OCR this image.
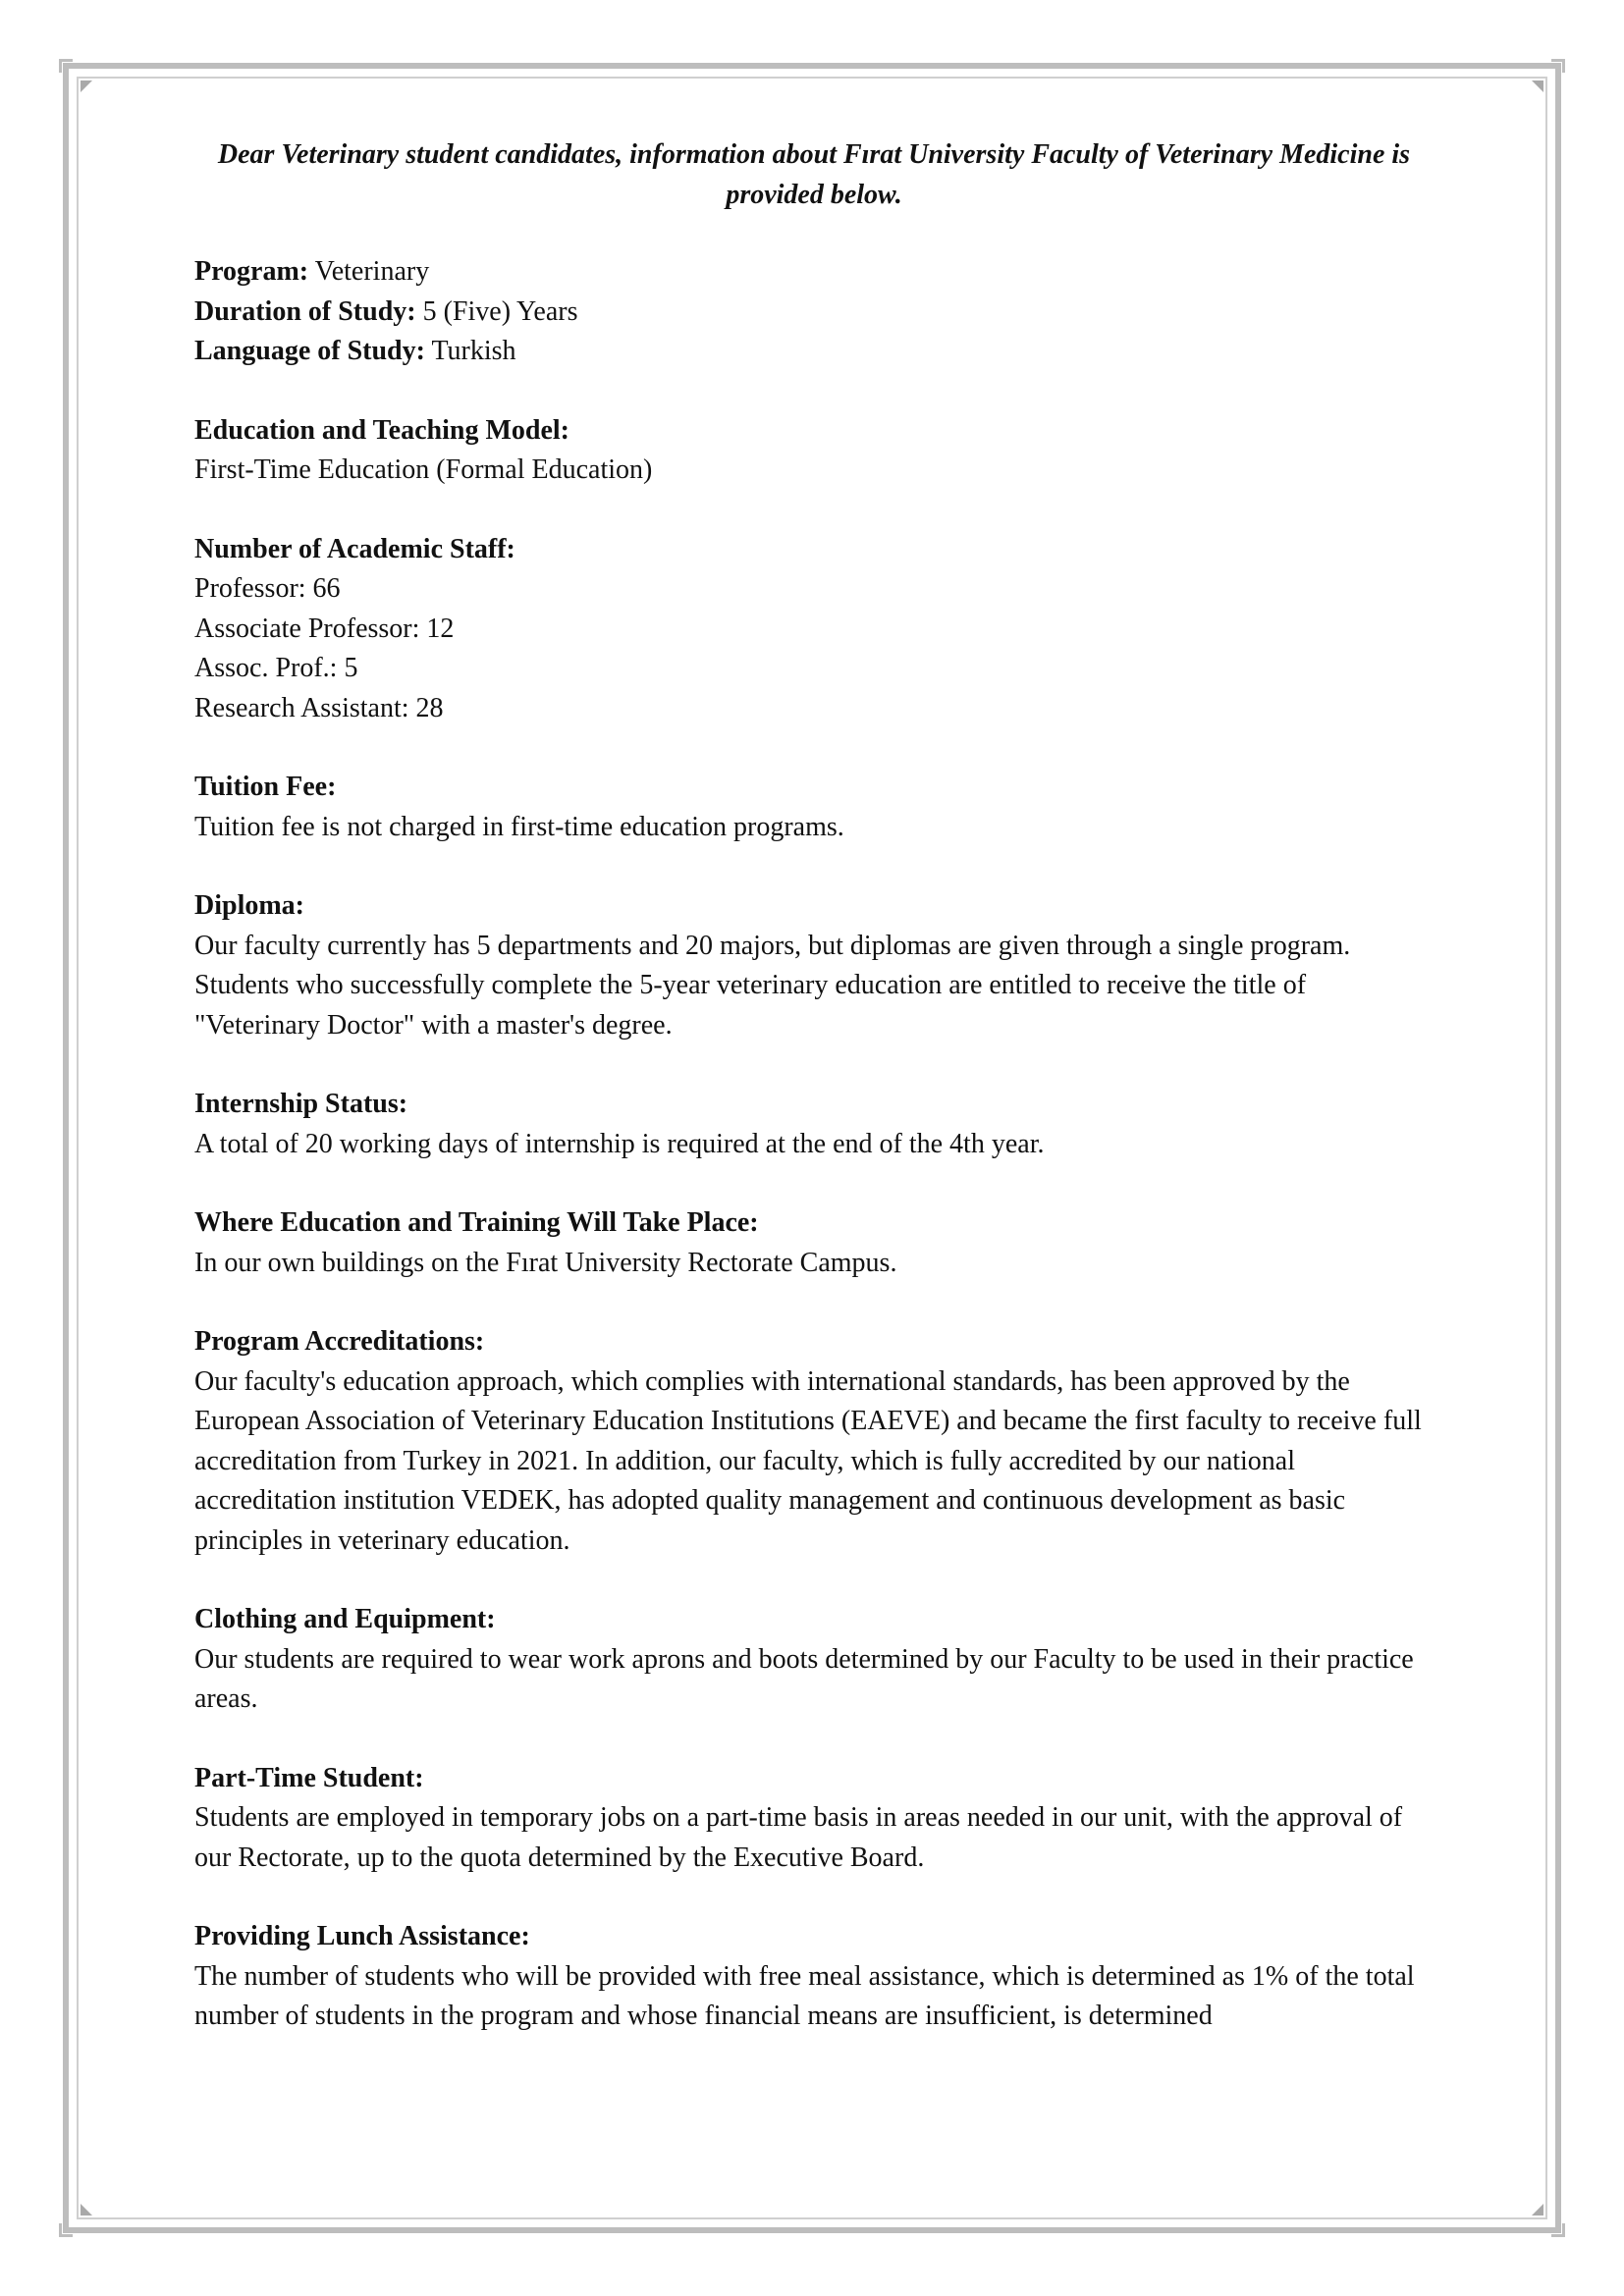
Dear Veterinary student candidates, information about Fırat University Faculty of Veterinary Medicine is provided below.

Program: Veterinary

Duration of Study: 5 (Five) Years

Language of Study: Turkish

Education and Teaching Model:

First-Time Education (Formal Education)

Number of Academic Staff:

Professor: 66

Associate Professor: 12

Assoc. Prof.: 5

Research Assistant: 28

Tuition Fee:

Tuition fee is not charged in first-time education programs.

Diploma:

Our faculty currently has 5 departments and 20 majors, but diplomas are given through a single program. Students who successfully complete the 5-year veterinary education are entitled to receive the title of "Veterinary Doctor" with a master's degree.

Internship Status:

A total of 20 working days of internship is required at the end of the 4th year.

Where Education and Training Will Take Place:

In our own buildings on the Fırat University Rectorate Campus.

Program Accreditations:

Our faculty's education approach, which complies with international standards, has been approved by the European Association of Veterinary Education Institutions (EAEVE) and became the first faculty to receive full accreditation from Turkey in 2021. In addition, our faculty, which is fully accredited by our national accreditation institution VEDEK, has adopted quality management and continuous development as basic principles in veterinary education.

Clothing and Equipment:

Our students are required to wear work aprons and boots determined by our Faculty to be used in their practice areas.

Part-Time Student:

Students are employed in temporary jobs on a part-time basis in areas needed in our unit, with the approval of our Rectorate, up to the quota determined by the Executive Board.

Providing Lunch Assistance:

The number of students who will be provided with free meal assistance, which is determined as 1% of the total number of students in the program and whose financial means are insufficient, is determined
